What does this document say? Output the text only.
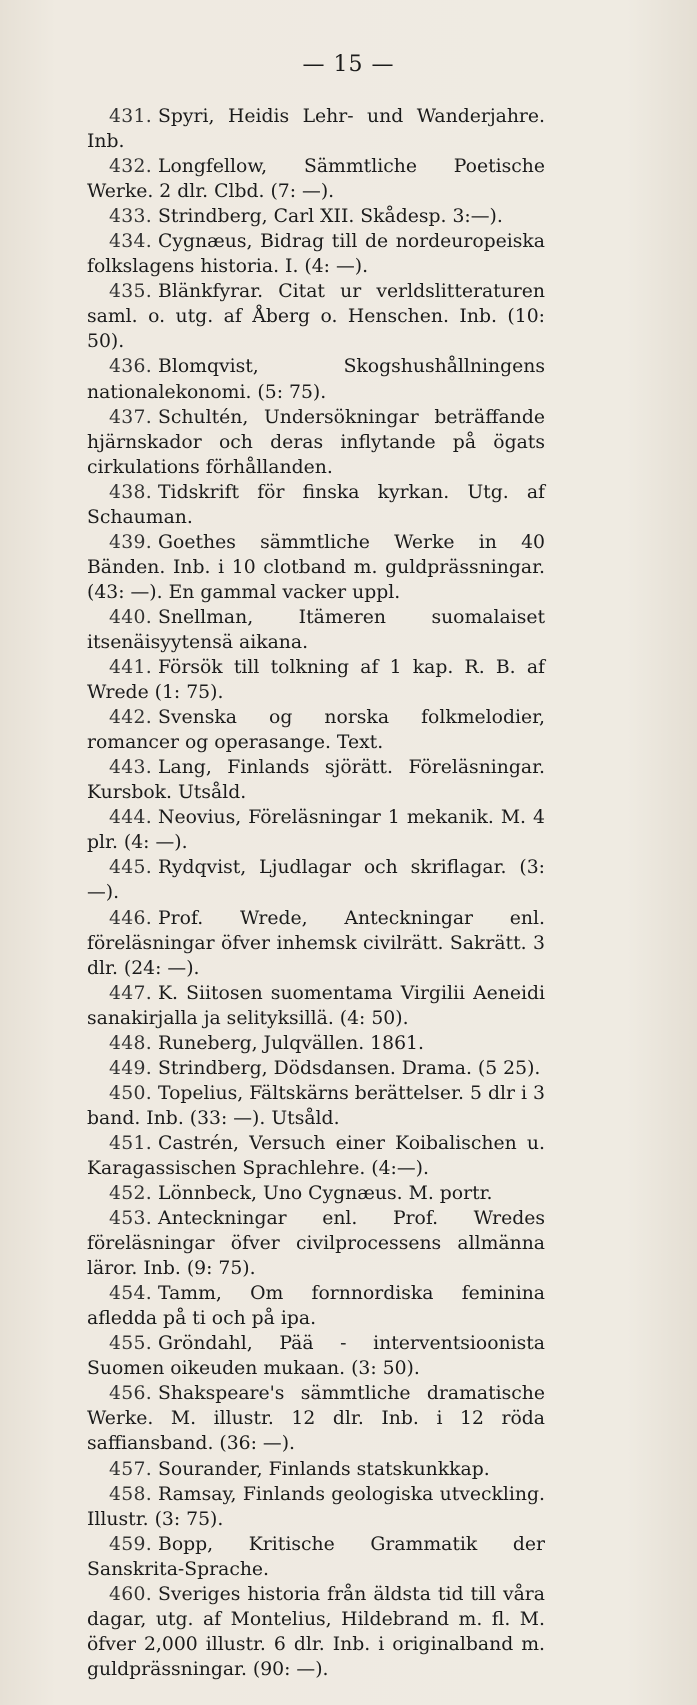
— 15 —

431. Spyri, Heidis Lehr- und Wanderjahre. Inb.

432. Longfellow, Sämmtliche Poetische Werke. 2 dlr. Clbd. (7: —).

433. Strindberg, Carl XII. Skådesp. 3:—).

434. Cygnæus, Bidrag till de nordeuropeiska folkslagens historia. I. (4: —).

435. Blänkfyrar. Citat ur verldslitteraturen saml. o. utg. af Åberg o. Henschen. Inb. (10: 50).

436. Blomqvist, Skogshushållningens nationalekonomi. (5: 75).

437. Schultén, Undersökningar beträffande hjärnskador och deras inflytande på ögats cirkulations förhållanden.

438. Tidskrift för finska kyrkan. Utg. af Schauman.

439. Goethes sämmtliche Werke in 40 Bänden. Inb. i 10 clotband m. guldprässningar. (43: —). En gammal vacker uppl.

440. Snellman, Itämeren suomalaiset itsenäisyytensä aikana.

441. Försök till tolkning af 1 kap. R. B. af Wrede (1: 75).

442. Svenska og norska folkmelodier, romancer og operasange. Text.

443. Lang, Finlands sjörätt. Föreläsningar. Kursbok. Utsåld.

444. Neovius, Föreläsningar 1 mekanik. M. 4 plr. (4: —).

445. Rydqvist, Ljudlagar och skriflagar. (3: —).

446. Prof. Wrede, Anteckningar enl. föreläsningar öfver inhemsk civilrätt. Sakrätt. 3 dlr. (24: —).

447. K. Siitosen suomentama Virgilii Aeneidi sanakirjalla ja selityksillä. (4: 50).

448. Runeberg, Julqvällen. 1861.

449. Strindberg, Dödsdansen. Drama. (5 25).

450. Topelius, Fältskärns berättelser. 5 dlr i 3 band. Inb. (33: —). Utsåld.

451. Castrén, Versuch einer Koibalischen u. Karagassischen Sprachlehre. (4:—).

452. Lönnbeck, Uno Cygnæus. M. portr.

453. Anteckningar enl. Prof. Wredes föreläsningar öfver civilprocessens allmänna läror. Inb. (9: 75).

454. Tamm, Om fornnordiska feminina afledda på ti och på ipa.

455. Gröndahl, Pää - interventsioonista Suomen oikeuden mukaan. (3: 50).

456. Shakspeare's sämmtliche dramatische Werke. M. illustr. 12 dlr. Inb. i 12 röda saffiansband. (36: —).

457. Sourander, Finlands statskunkkap.

458. Ramsay, Finlands geologiska utveckling. Illustr. (3: 75).

459. Bopp, Kritische Grammatik der Sanskrita-Sprache.

460. Sveriges historia från äldsta tid till våra dagar, utg. af Montelius, Hildebrand m. fl. M. öfver 2,000 illustr. 6 dlr. Inb. i originalband m. guldprässningar. (90: —).
